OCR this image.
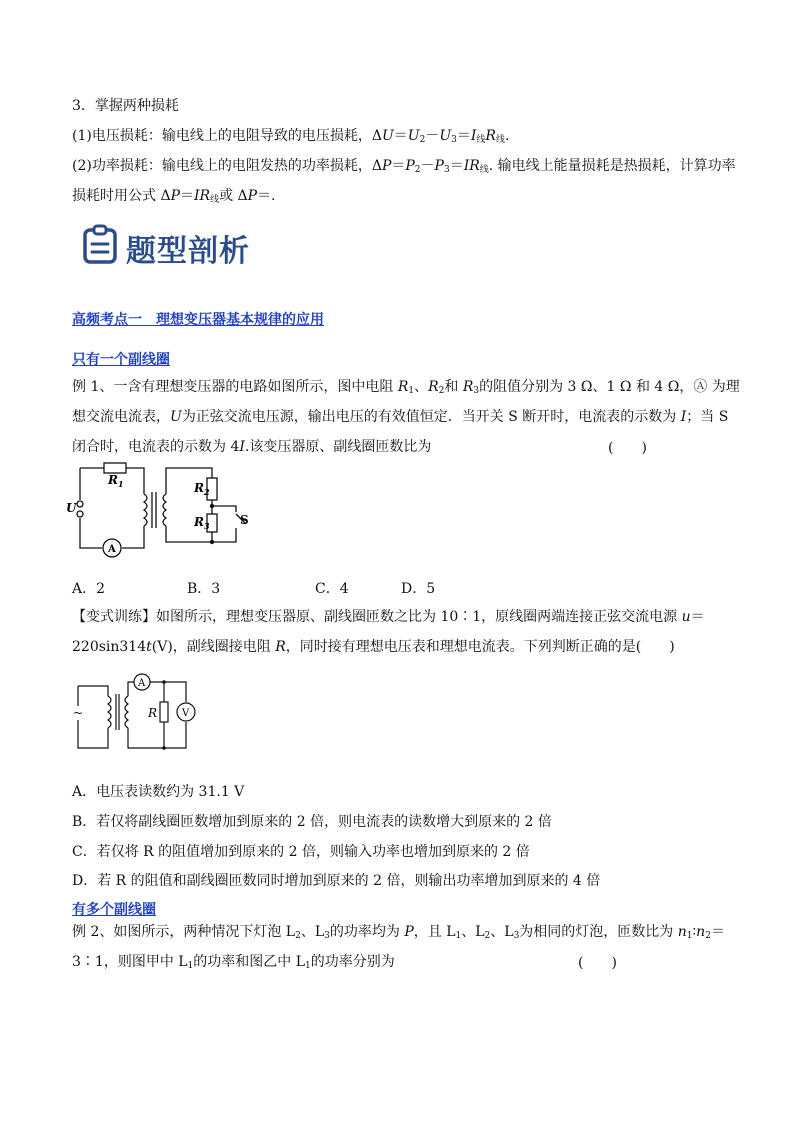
3．掌握两种损耗
(1)电压损耗：输电线上的电阻导致的电压损耗，$\Delta U=U_2-U_3=I_线R_线$.
(2)功率损耗：输电线上的电阻发热的功率损耗，$\Delta P=P_2-P_3=IR_线$. 输电线上能量损耗是热损耗，计算功率
损耗时用公式 $\Delta P=IR_线$或 ΔP＝.
题型剖析
高频考点一　 理想变压器基本规律的应用
只有一个副线圈
例 1、一含有理想变压器的电路如图所示，图中电阻 $R_1$、$R_2$和 $R_3$的阻值分别为 3 Ω、1 Ω 和 4 Ω，Ⓐ 为理
想交流电流表，U为正弦交流电压源，输出电压的有效值恒定．当开关 S 断开时，电流表的示数为 I；当 S
闭合时，电流表的示数为 4I.该变压器原、副线圈匝数比为	(　　)
$R_1$
U
A
$R_2$
$R_3$	S
A．2	B．3	C．4	D．5
【变式训练】如图所示，理想变压器原、副线圈匝数之比为 10∶1，原线圈两端连接正弦交流电源 u＝
220sin314t(V)，副线圈接电阻 R，同时接有理想电压表和理想电流表。下列判断正确的是(　　)
A
R V
~
A．电压表读数约为 31.1 V
B．若仅将副线圈匝数增加到原来的 2 倍，则电流表的读数增大到原来的 2 倍
C．若仅将 R 的阻值增加到原来的 2 倍，则输入功率也增加到原来的 2 倍
D．若 R 的阻值和副线圈匝数同时增加到原来的 2 倍，则输出功率增加到原来的 4 倍
有多个副线圈
例 2、如图所示，两种情况下灯泡 $L_2$、$L_3$的功率均为 P，且 $L_1$、$L_2$、$L_3$为相同的灯泡，匝数比为 $n_1∶n_2=$
3∶1，则图甲中 $L_1$的功率和图乙中 $L_1$的功率分别为	(　　)
